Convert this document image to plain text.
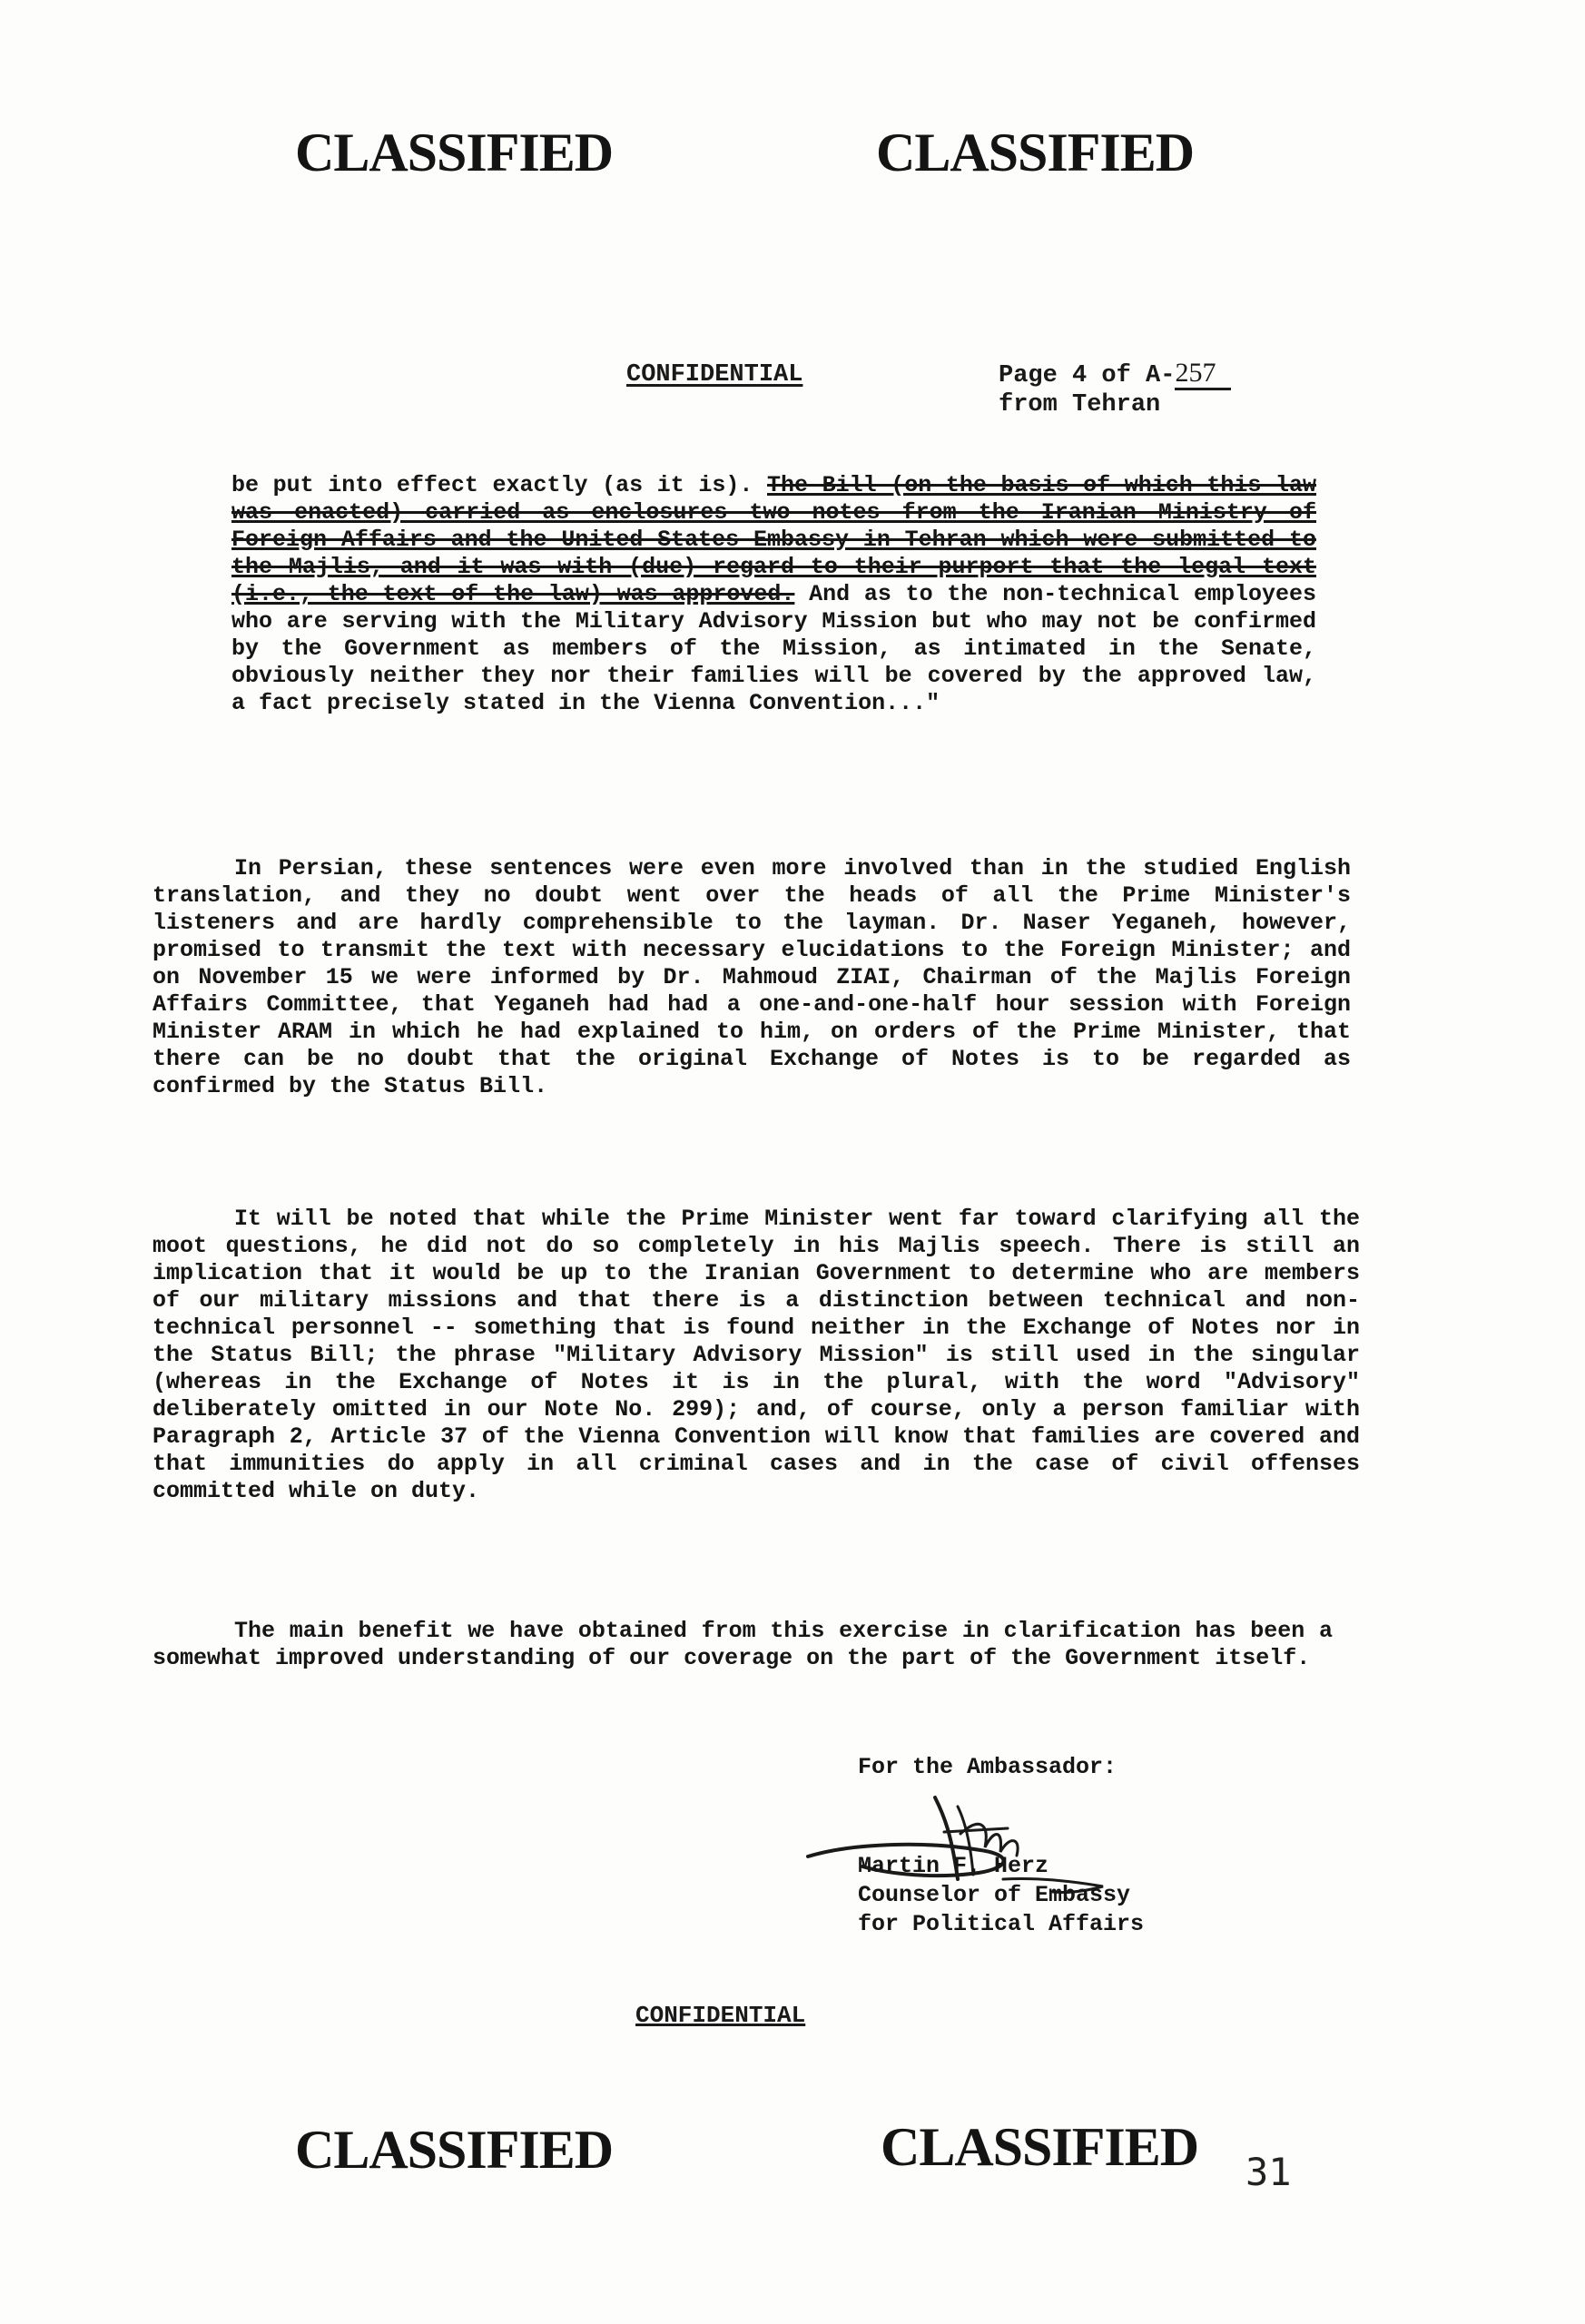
CLASSIFIED	CLASSIFIED
CONFIDENTIAL	Page 4 of A-257
from Tehran

be put into effect exactly (as it is). The Bill (on the basis of which this law was enacted) carried as enclosures two notes from the Iranian Ministry of Foreign Affairs and the United States Embassy in Tehran which were submitted to the Majlis, and it was with (due) regard to their purport that the legal text (i.e., the text of the law) was approved. And as to the non-technical employees who are serving with the Military Advisory Mission but who may not be confirmed by the Government as members of the Mission, as intimated in the Senate, obviously neither they nor their families will be covered by the approved law, a fact precisely stated in the Vienna Convention..."

In Persian, these sentences were even more involved than in the studied English translation, and they no doubt went over the heads of all the Prime Minister's listeners and are hardly comprehensible to the layman. Dr. Naser Yeganeh, however, promised to transmit the text with necessary elucidations to the Foreign Minister; and on November 15 we were informed by Dr. Mahmoud ZIAI, Chairman of the Majlis Foreign Affairs Committee, that Yeganeh had had a one-and-one-half hour session with Foreign Minister ARAM in which he had explained to him, on orders of the Prime Minister, that there can be no doubt that the original Exchange of Notes is to be regarded as confirmed by the Status Bill.

It will be noted that while the Prime Minister went far toward clarifying all the moot questions, he did not do so completely in his Majlis speech. There is still an implication that it would be up to the Iranian Government to determine who are members of our military missions and that there is a distinction between technical and non-technical personnel -- something that is found neither in the Exchange of Notes nor in the Status Bill; the phrase "Military Advisory Mission" is still used in the singular (whereas in the Exchange of Notes it is in the plural, with the word "Advisory" deliberately omitted in our Note No. 299); and, of course, only a person familiar with Paragraph 2, Article 37 of the Vienna Convention will know that families are covered and that immunities do apply in all criminal cases and in the case of civil offenses committed while on duty.

The main benefit we have obtained from this exercise in clarification has been a somewhat improved understanding of our coverage on the part of the Government itself.

For the Ambassador:
Martin F. Herz
Counselor of Embassy
for Political Affairs
CONFIDENTIAL
CLASSIFIED	CLASSIFIED 31
